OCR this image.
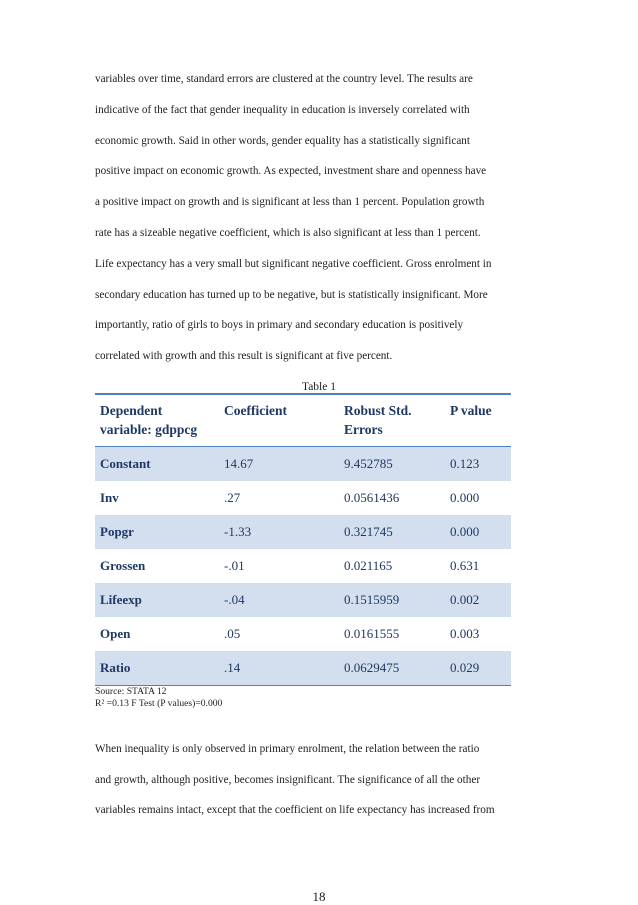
variables over time, standard errors are clustered at the country level. The results are
indicative of the fact that gender inequality in education is inversely correlated with
economic growth. Said in other words, gender equality has a statistically significant
positive impact on economic growth. As expected, investment share and openness have
a positive impact on growth and is significant at less than 1 percent. Population growth
rate has a sizeable negative coefficient, which is also significant at less than 1 percent.
Life expectancy has a very small but significant negative coefficient. Gross enrolment in
secondary education has turned up to be negative, but is statistically insignificant. More
importantly, ratio of girls to boys in primary and secondary education is positively
correlated with growth and this result is significant at five percent.
Table 1
Dependent variable: gdppcg	Coefficient	Robust Std. Errors	P value
Constant	14.67	9.452785	0.123
Inv	.27	0.0561436	0.000
Popgr	-1.33	0.321745	0.000
Grossen	-.01	0.021165	0.631
Lifeexp	-.04	0.1515959	0.002
Open	.05	0.0161555	0.003
Ratio	.14	0.0629475	0.029
Source: STATA 12
R² =0.13 F Test (P values)=0.000
When inequality is only observed in primary enrolment, the relation between the ratio
and growth, although positive, becomes insignificant. The significance of all the other
variables remains intact, except that the coefficient on life expectancy has increased from
18
